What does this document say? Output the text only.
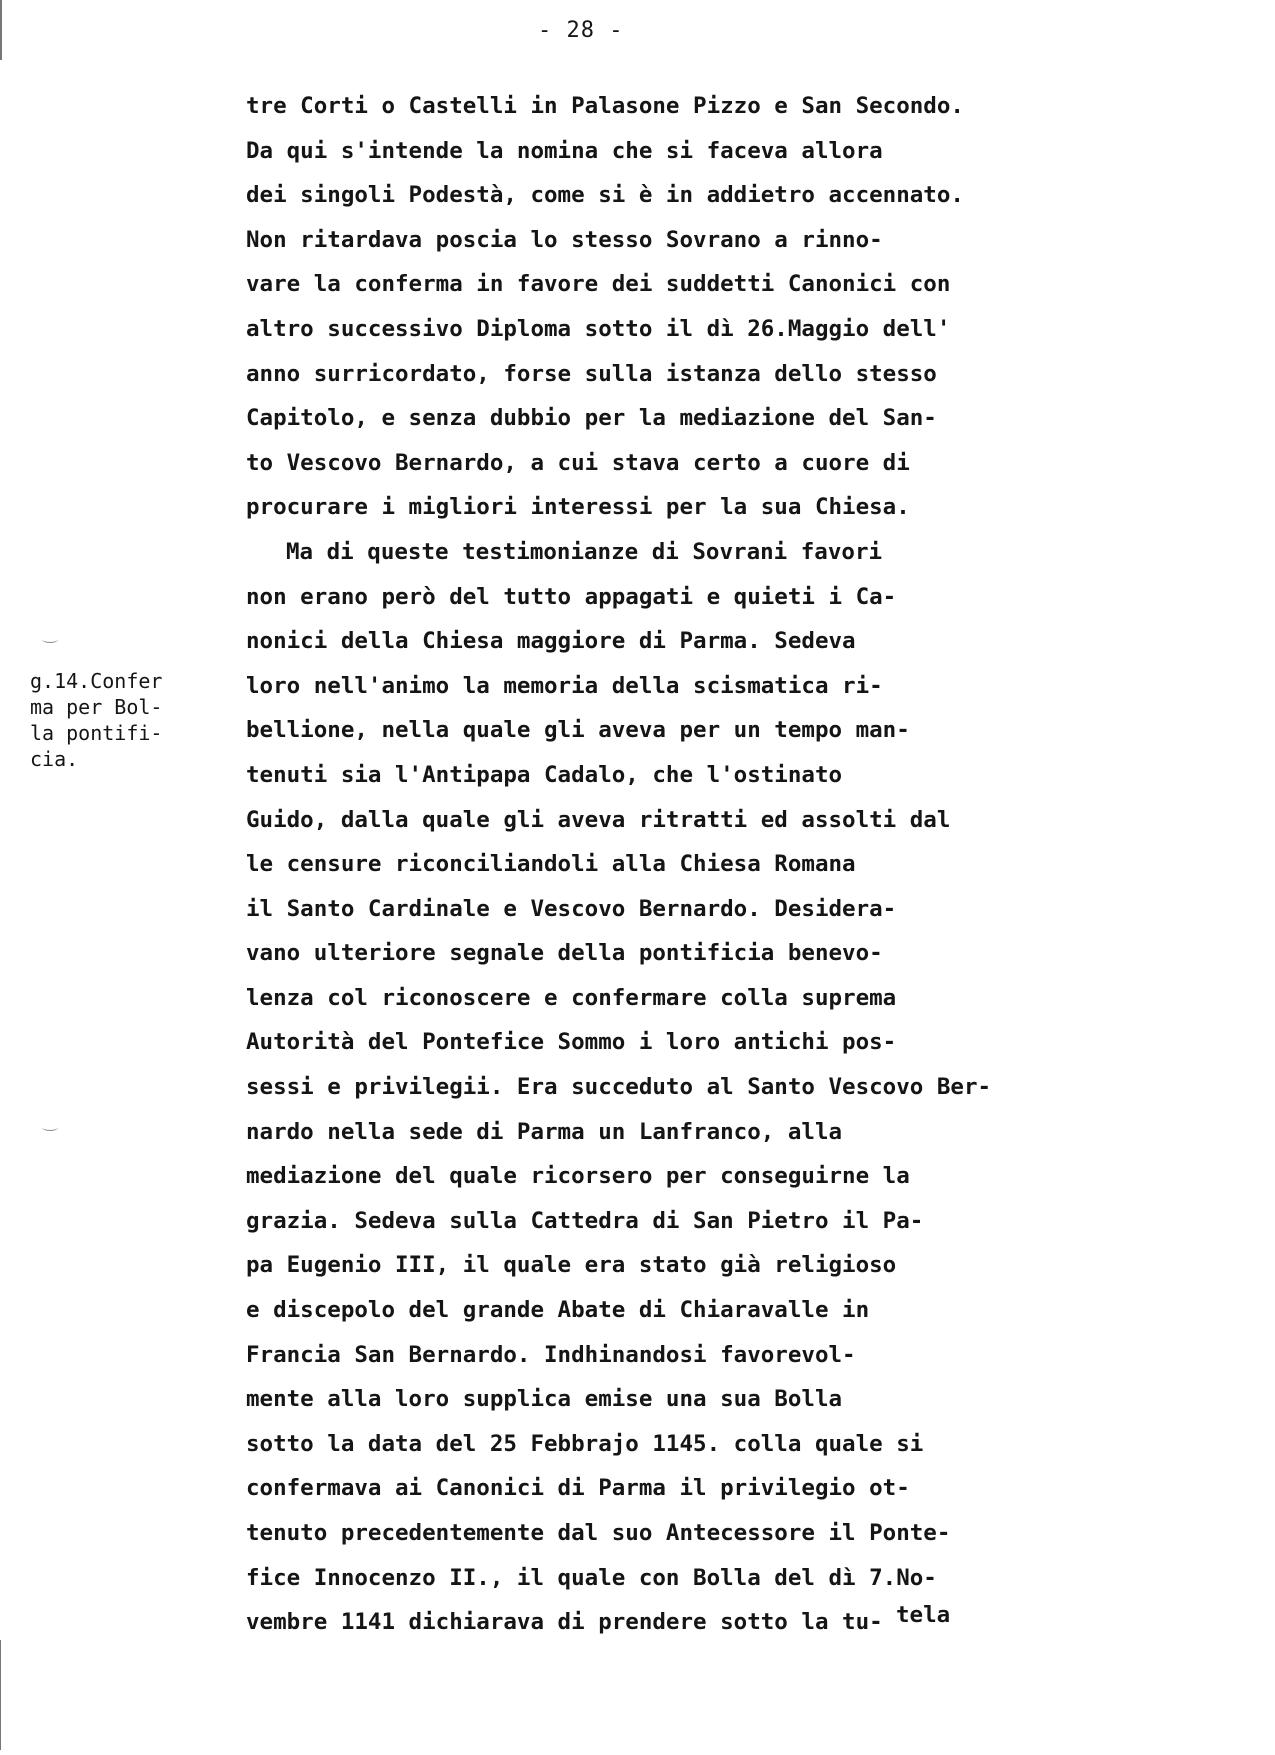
- 28 -
tre Corti o Castelli in Palasone Pizzo e San Secondo.
Da qui s'intende la nomina che si faceva allora
dei singoli Podestà, come si è in addietro accennato.
Non ritardava poscia lo stesso Sovrano a rinno-
vare la conferma in favore dei suddetti Canonici con
altro successivo Diploma sotto il dì 26.Maggio dell'
anno surricordato, forse sulla istanza dello stesso
Capitolo, e senza dubbio per la mediazione del San-
to Vescovo Bernardo, a cui stava certo a cuore di
procurare i migliori interessi per la sua Chiesa.
Ma di queste testimonianze di Sovrani favori
non erano però del tutto appagati e quieti i Ca-
nonici della Chiesa maggiore di Parma. Sedeva
loro nell'animo la memoria della scismatica ri-
bellione, nella quale gli aveva per un tempo man-
tenuti sia l'Antipapa Cadalo, che l'ostinato
Guido, dalla quale gli aveva ritratti ed assolti dal
le censure riconciliandoli alla Chiesa Romana
il Santo Cardinale e Vescovo Bernardo. Desidera-
vano ulteriore segnale della pontificia benevo-
lenza col riconoscere e confermare colla suprema
Autorità del Pontefice Sommo i loro antichi pos-
sessi e privilegii. Era succeduto al Santo Vescovo Ber-
nardo nella sede di Parma un Lanfranco, alla
mediazione del quale ricorsero per conseguirne la
grazia. Sedeva sulla Cattedra di San Pietro il Pa-
pa Eugenio III, il quale era stato già religioso
e discepolo del grande Abate di Chiaravalle in
Francia San Bernardo. Indhinandosi favorevol-
mente alla loro supplica emise una sua Bolla
sotto la data del 25 Febbrajo 1145. colla quale si
confermava ai Canonici di Parma il privilegio ot-
tenuto precedentemente dal suo Antecessore il Ponte-
fice Innocenzo II., il quale con Bolla del dì 7.No-
vembre 1141 dichiarava di prendere sotto la tu- tela
g.14.Confer
ma per Bol-
la pontifi-
cia.
